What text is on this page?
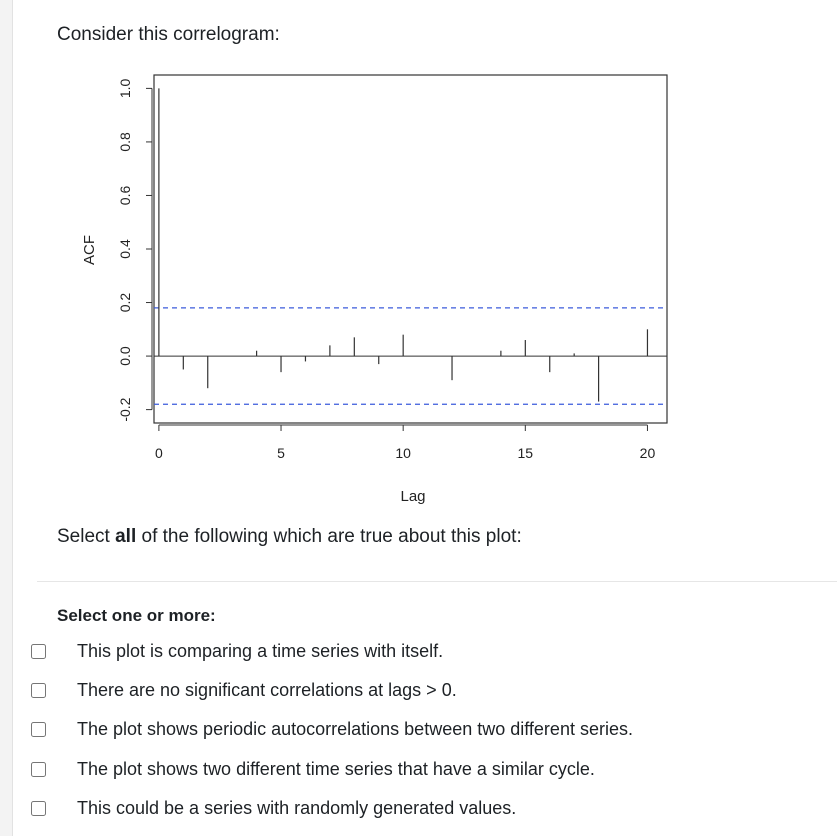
Consider this correlogram:
-0.2
0.0
0.2
0.4
0.6
0.8
1.0
0	5	10	15	20
ACF
Lag
Select all of the following which are true about this plot:
Select one or more:
This plot is comparing a time series with itself.
There are no significant correlations at lags > 0.
The plot shows periodic autocorrelations between two different series.
The plot shows two different time series that have a similar cycle.
This could be a series with randomly generated values.
